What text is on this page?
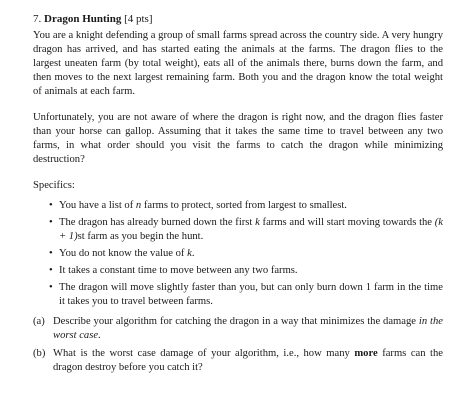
7. Dragon Hunting [4 pts]

You are a knight defending a group of small farms spread across the country side. A very hungry dragon has arrived, and has started eating the animals at the farms. The dragon flies to the largest uneaten farm (by total weight), eats all of the animals there, burns down the farm, and then moves to the next largest remaining farm. Both you and the dragon know the total weight of animals at each farm.

Unfortunately, you are not aware of where the dragon is right now, and the dragon flies faster than your horse can gallop. Assuming that it takes the same time to travel between any two farms, in what order should you visit the farms to catch the dragon while minimizing destruction?

Specifics:

• You have a list of n farms to protect, sorted from largest to smallest.
• The dragon has already burned down the first k farms and will start moving towards the (k + 1)st farm as you begin the hunt.
• You do not know the value of k.
• It takes a constant time to move between any two farms.
• The dragon will move slightly faster than you, but can only burn down 1 farm in the time it takes you to travel between farms.
(a) Describe your algorithm for catching the dragon in a way that minimizes the damage in the worst case.
(b) What is the worst case damage of your algorithm, i.e., how many more farms can the dragon destroy before you catch it?
